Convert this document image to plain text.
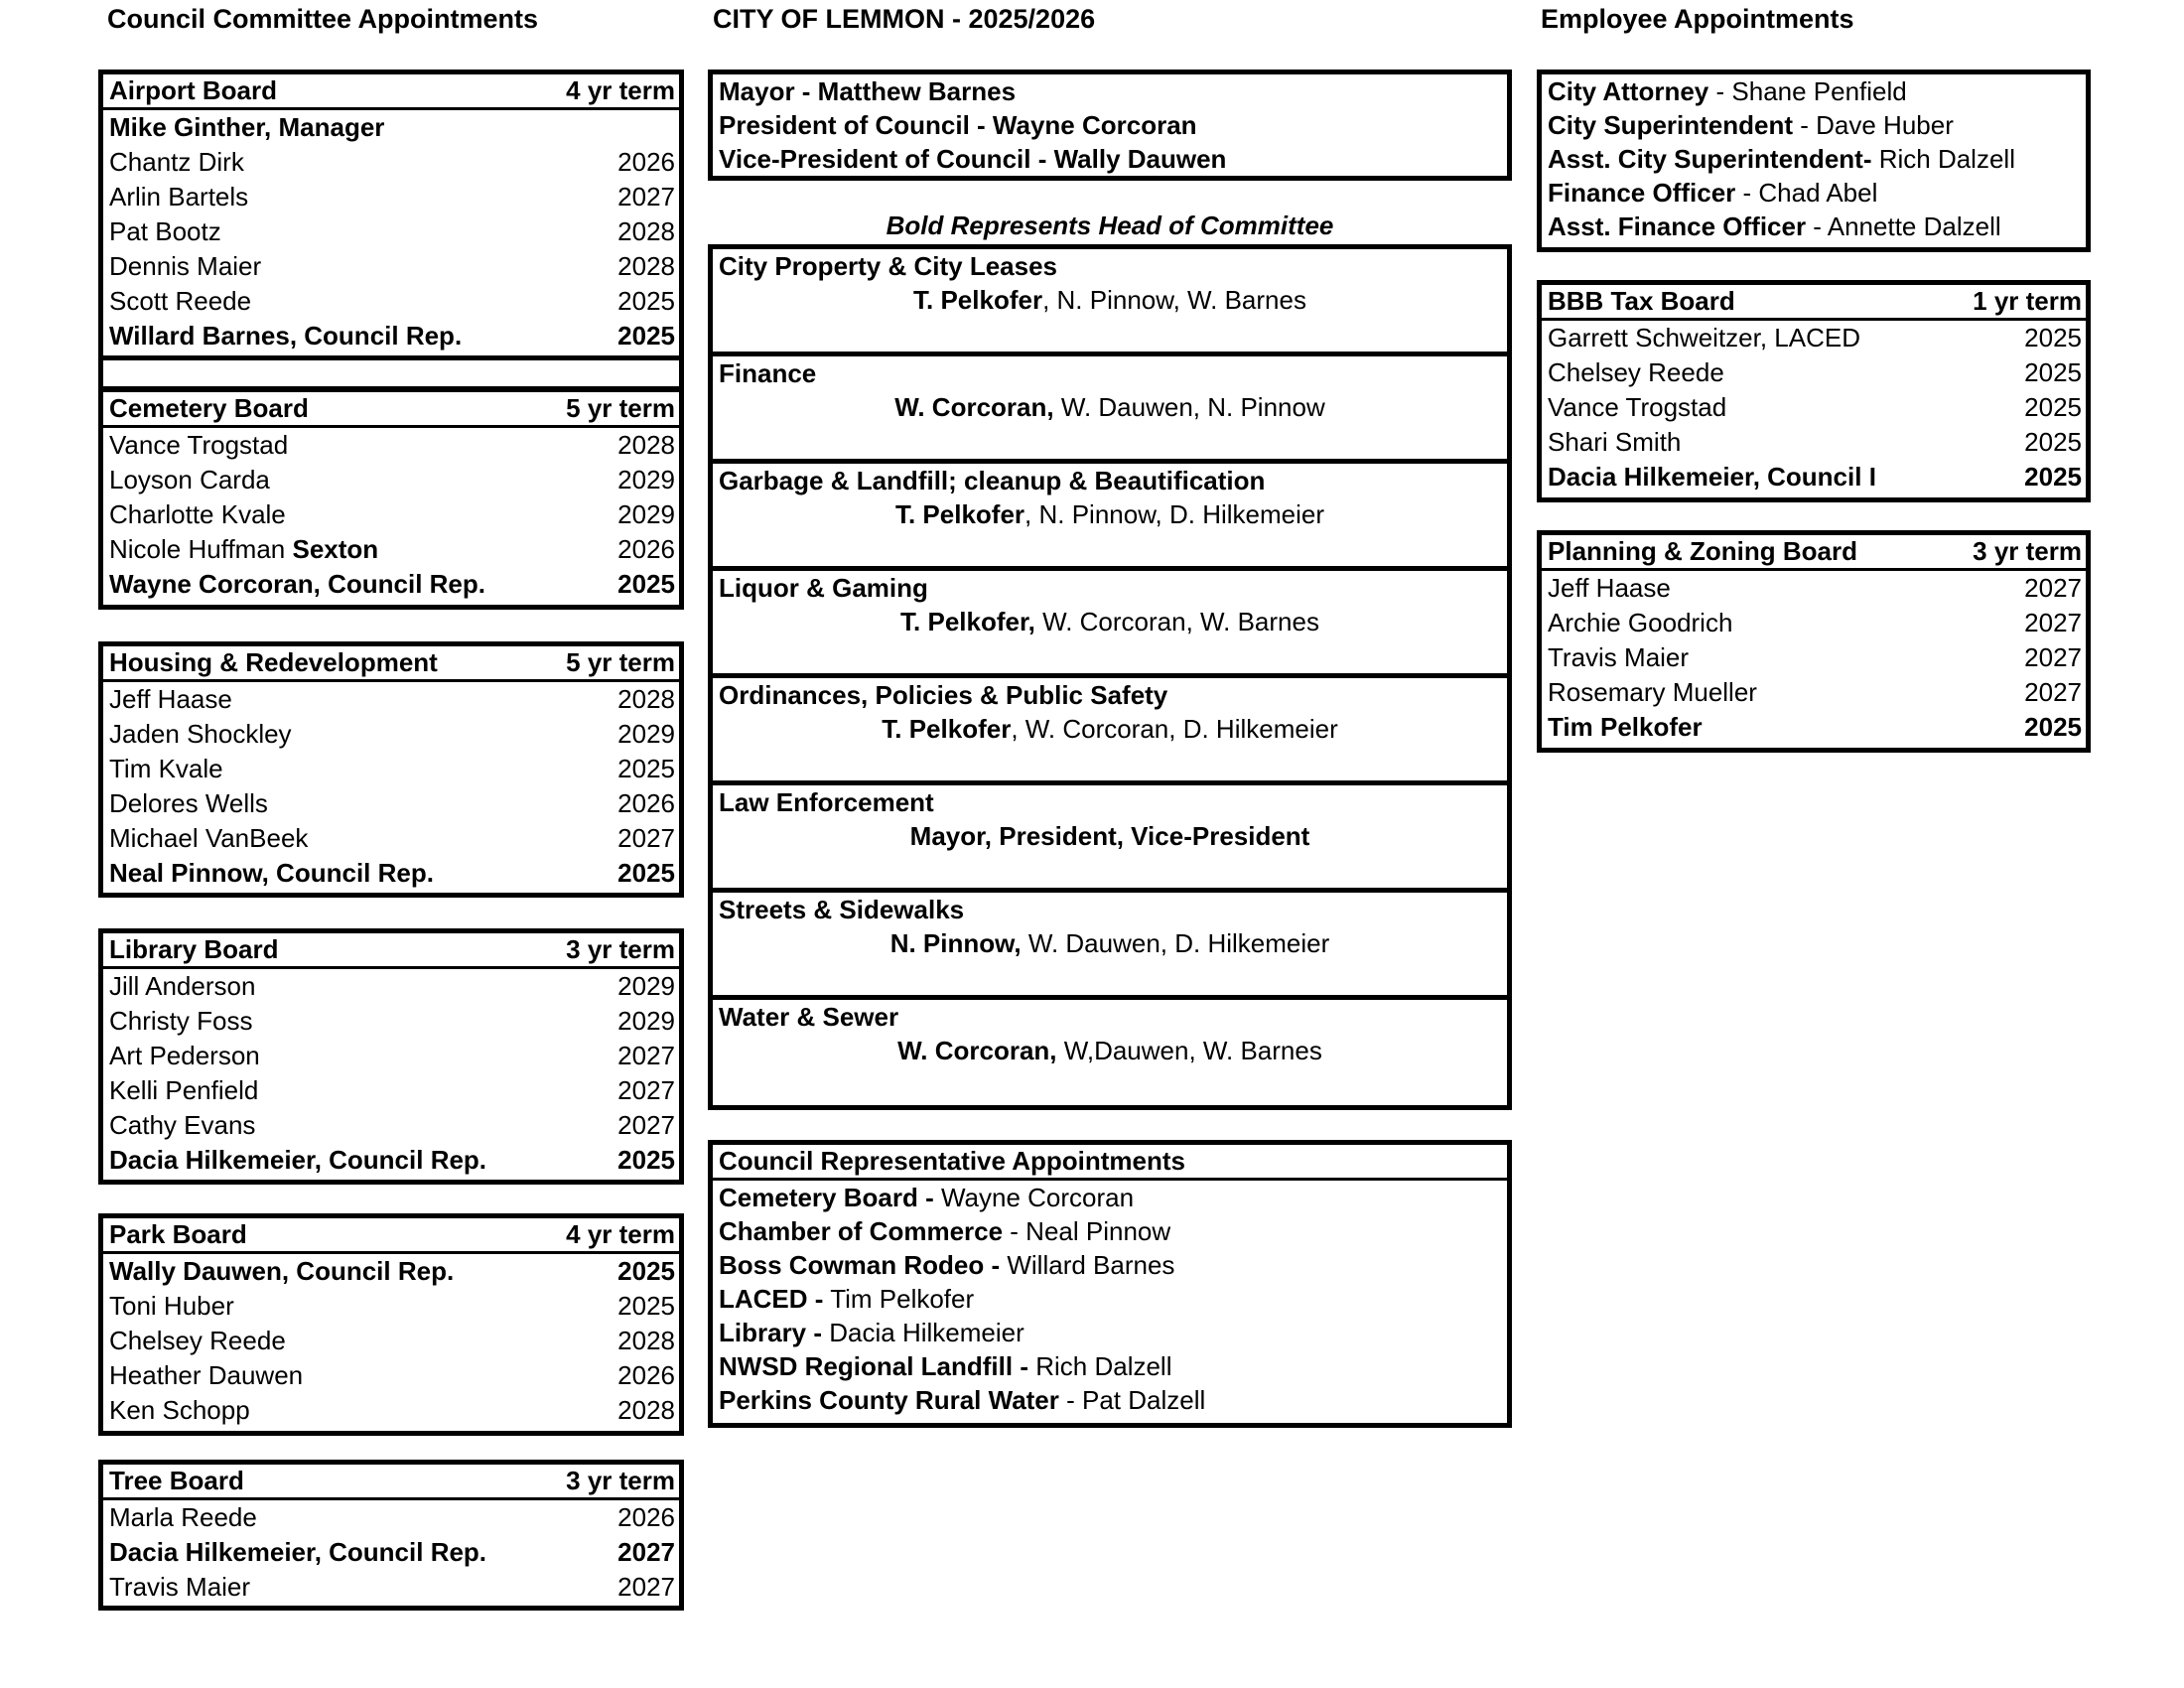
Council Committee Appointments	CITY OF LEMMON - 2025/2026	Employee Appointments
Airport Board	4 yr term
Mike Ginther, Manager
Chantz Dirk	2026
Arlin Bartels	2027
Pat Bootz	2028
Dennis Maier	2028
Scott Reede	2025
Willard Barnes, Council Rep.	2025
Cemetery Board	5 yr term
Vance Trogstad	2028
Loyson Carda	2029
Charlotte Kvale	2029
Nicole Huffman Sexton	2026
Wayne Corcoran, Council Rep.	2025
Housing & Redevelopment	5 yr term
Jeff Haase	2028
Jaden Shockley	2029
Tim Kvale	2025
Delores Wells	2026
Michael VanBeek	2027
Neal Pinnow, Council Rep.	2025
Library Board	3 yr term
Jill Anderson	2029
Christy Foss	2029
Art Pederson	2027
Kelli Penfield	2027
Cathy Evans	2027
Dacia Hilkemeier, Council Rep.	2025
Park Board	4 yr term
Wally Dauwen, Council Rep.	2025
Toni Huber	2025
Chelsey Reede	2028
Heather Dauwen	2026
Ken Schopp	2028
Tree Board	3 yr term
Marla Reede	2026
Dacia Hilkemeier, Council Rep.	2027
Travis Maier	2027
Mayor - Matthew Barnes
President of Council - Wayne Corcoran
Vice-President of Council - Wally Dauwen
Bold Represents Head of Committee
City Property & City Leases
T. Pelkofer, N. Pinnow, W. Barnes
Finance
W. Corcoran, W. Dauwen, N. Pinnow
Garbage & Landfill; cleanup & Beautification
T. Pelkofer, N. Pinnow, D. Hilkemeier
Liquor & Gaming
T. Pelkofer, W. Corcoran, W. Barnes
Ordinances, Policies & Public Safety
T. Pelkofer, W. Corcoran, D. Hilkemeier
Law Enforcement
Mayor, President, Vice-President
Streets & Sidewalks
N. Pinnow, W. Dauwen, D. Hilkemeier
Water & Sewer
W. Corcoran, W,Dauwen, W. Barnes
Council Representative Appointments
Cemetery Board - Wayne Corcoran
Chamber of Commerce - Neal Pinnow
Boss Cowman Rodeo - Willard Barnes
LACED - Tim Pelkofer
Library - Dacia Hilkemeier
NWSD Regional Landfill - Rich Dalzell
Perkins County Rural Water - Pat Dalzell
City Attorney - Shane Penfield
City Superintendent - Dave Huber
Asst. City Superintendent- Rich Dalzell
Finance Officer - Chad Abel
Asst. Finance Officer - Annette Dalzell
BBB Tax Board	1 yr term
Garrett Schweitzer, LACED	2025
Chelsey Reede	2025
Vance Trogstad	2025
Shari Smith	2025
Dacia Hilkemeier, Council I	2025
Planning & Zoning Board	3 yr term
Jeff Haase	2027
Archie Goodrich	2027
Travis Maier	2027
Rosemary Mueller	2027
Tim Pelkofer	2025
